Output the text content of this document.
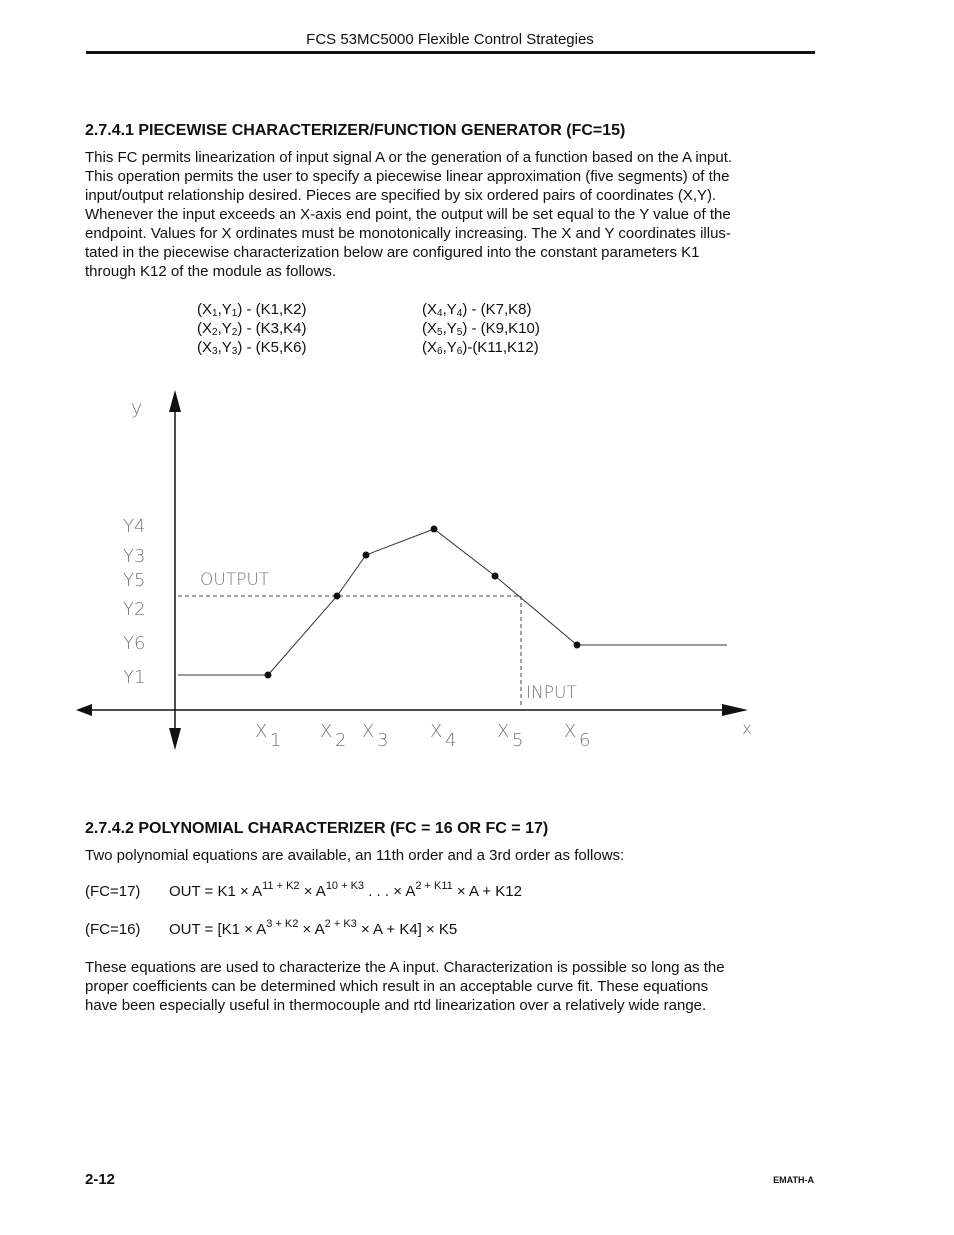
FCS 53MC5000 Flexible Control Strategies
2.7.4.1 PIECEWISE CHARACTERIZER/FUNCTION GENERATOR (FC=15)
This FC permits linearization of input signal A or the generation of a function based on the A input.
This operation permits the user to specify a piecewise linear approximation (five segments) of the
input/output relationship desired. Pieces are specified by six ordered pairs of coordinates (X,Y).
Whenever the input exceeds an X-axis end point, the output will be set equal to the Y value of the
endpoint. Values for X ordinates must be monotonically increasing. The X and Y coordinates illus-
tated in the piecewise characterization below are configured into the constant parameters K1
through K12 of the module as follows.
$(X_1,Y_1) - (K1,K2)$
$(X_2,Y_2) - (K3,K4)$
$(X_3,Y_3) - (K5,K6)$
$(X_4,Y_4) - (K7,K8)$
$(X_5,Y_5) - (K9,K10)$
$(X_6,Y_6)-(K11,K12)$
y
x
OUTPUT
INPUT
X 1 X 2 X 3 X 4 X 5 X 6
Y4
Y3
Y5
Y2
Y6
Y1
2.7.4.2 POLYNOMIAL CHARACTERIZER (FC = 16 OR FC = 17)

Two polynomial equations are available, an 11th order and a 3rd order as follows:

(FC=17) OUT = $K1 \times A^{11 + K2} \times A^{10 + K3}$ . . . × $A^{2 + K11} \times A + K12$
(FC=16) OUT = $[K1 \times A^{3 + K2} \times A^{2 + K3} \times A + K4] \times K5$
These equations are used to characterize the A input. Characterization is possible so long as the
proper coefficients can be determined which result in an acceptable curve fit. These equations
have been especially useful in thermocouple and rtd linearization over a relatively wide range.
2-12	EMATH-A
